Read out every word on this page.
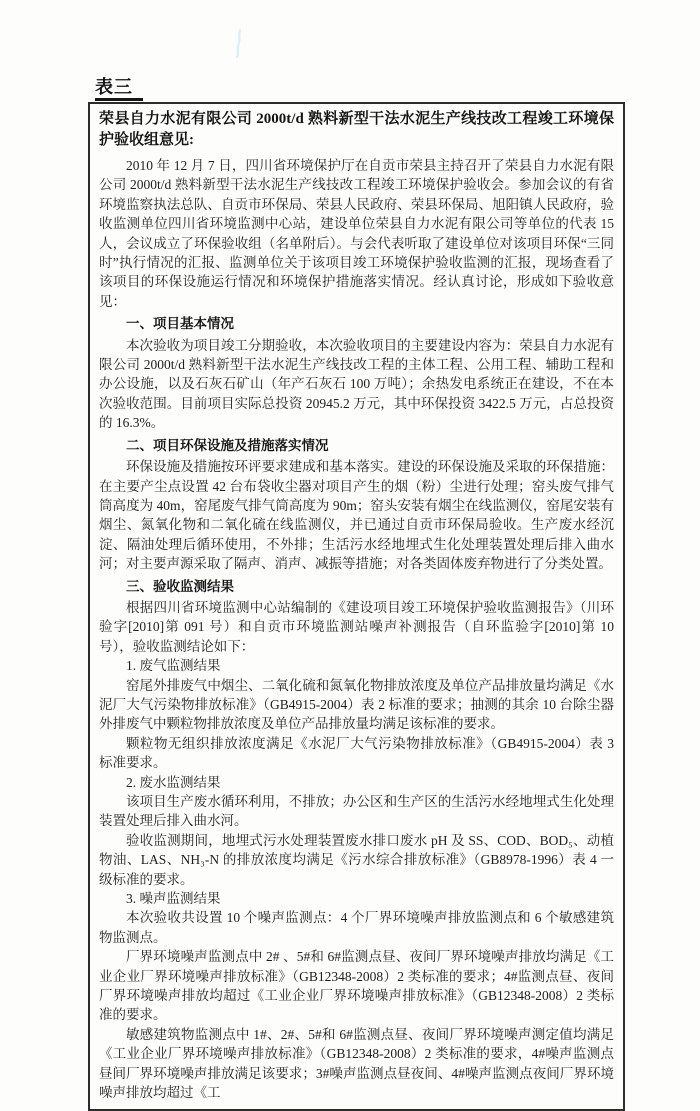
表三
荣县自力水泥有限公司 2000t/d 熟料新型干法水泥生产线技改工程竣工环境保护验收组意见:

2010 年 12 月 7 日，四川省环境保护厅在自贡市荣县主持召开了荣县自力水泥有限公司 2000t/d 熟料新型干法水泥生产线技改工程竣工环境保护验收会。参加会议的有省环境监察执法总队、自贡市环保局、荣县人民政府、荣县环保局、旭阳镇人民政府，验收监测单位四川省环境监测中心站，建设单位荣县自力水泥有限公司等单位的代表 15 人，会议成立了环保验收组（名单附后）。与会代表听取了建设单位对该项目环保“三同时”执行情况的汇报、监测单位关于该项目竣工环境保护验收监测的汇报，现场查看了该项目的环保设施运行情况和环境保护措施落实情况。经认真讨论，形成如下验收意见：

一、项目基本情况

本次验收为项目竣工分期验收，本次验收项目的主要建设内容为：荣县自力水泥有限公司 2000t/d 熟料新型干法水泥生产线技改工程的主体工程、公用工程、辅助工程和办公设施，以及石灰石矿山（年产石灰石 100 万吨）；余热发电系统正在建设，不在本次验收范围。目前项目实际总投资 20945.2 万元，其中环保投资 3422.5 万元，占总投资的 16.3%。

二、项目环保设施及措施落实情况

环保设施及措施按环评要求建成和基本落实。建设的环保设施及采取的环保措施：在主要产尘点设置 42 台布袋收尘器对项目产生的烟（粉）尘进行处理；窑头废气排气筒高度为 40m，窑尾废气排气筒高度为 90m；窑头安装有烟尘在线监测仪，窑尾安装有烟尘、氮氧化物和二氧化硫在线监测仪，并已通过自贡市环保局验收。生产废水经沉淀、隔油处理后循环使用，不外排；生活污水经地埋式生化处理装置处理后排入曲水河；对主要声源采取了隔声、消声、减振等措施；对各类固体废弃物进行了分类处置。

三、验收监测结果

根据四川省环境监测中心站编制的《建设项目竣工环境保护验收监测报告》（川环验字[2010]第 091 号）和自贡市环境监测站噪声补测报告（自环监验字[2010]第 10 号），验收监测结论如下：

1. 废气监测结果

窑尾外排废气中烟尘、二氧化硫和氮氧化物排放浓度及单位产品排放量均满足《水泥厂大气污染物排放标准》（GB4915-2004）表 2 标准的要求；抽测的其余 10 台除尘器外排废气中颗粒物排放浓度及单位产品排放量均满足该标准的要求。

颗粒物无组织排放浓度满足《水泥厂大气污染物排放标准》（GB4915-2004）表 3 标准要求。

2. 废水监测结果

该项目生产废水循环利用，不排放；办公区和生产区的生活污水经地埋式生化处理装置处理后排入曲水河。

验收监测期间，地埋式污水处理装置废水排口废水 pH 及 SS、COD、BOD₅、动植物油、LAS、NH₃-N 的排放浓度均满足《污水综合排放标准》（GB8978-1996）表 4 一级标准的要求。

3. 噪声监测结果

本次验收共设置 10 个噪声监测点：4 个厂界环境噪声排放监测点和 6 个敏感建筑物监测点。

厂界环境噪声监测点中 2# 、5#和 6#监测点昼、夜间厂界环境噪声排放均满足《工业企业厂界环境噪声排放标准》（GB12348-2008）2 类标准的要求；4#监测点昼、夜间厂界环境噪声排放均超过《工业企业厂界环境噪声排放标准》（GB12348-2008）2 类标准的要求。

敏感建筑物监测点中 1#、2#、5#和 6#监测点昼、夜间厂界环境噪声测定值均满足《工业企业厂界环境噪声排放标准》（GB12348-2008）2 类标准的要求，4#噪声监测点昼间厂界环境噪声排放满足该要求；3#噪声监测点昼夜间、4#噪声监测点夜间厂界环境噪声排放均超过《工
